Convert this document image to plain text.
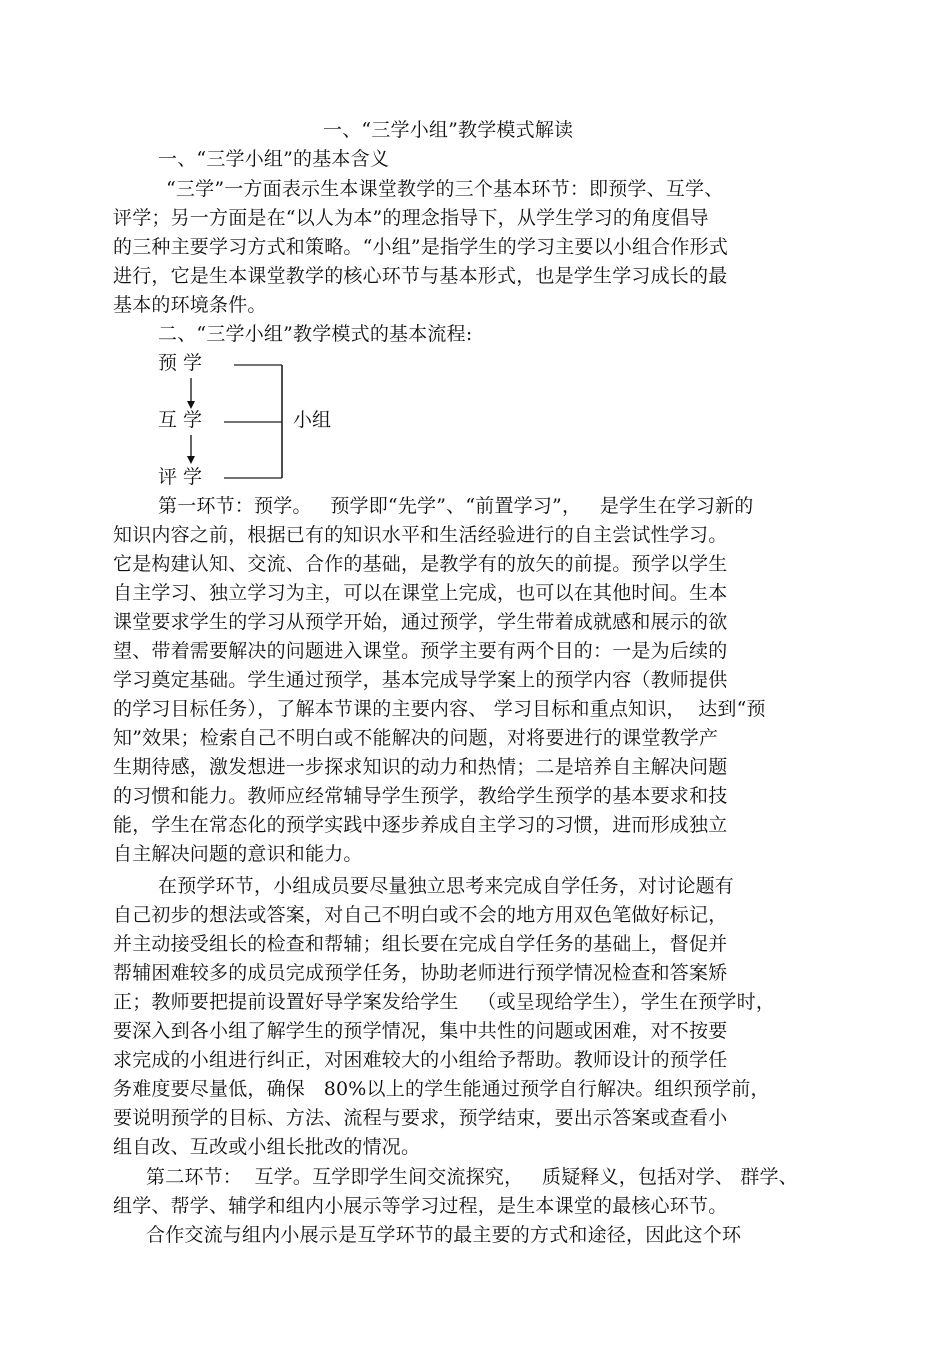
一、“三学小组”教学模式解读
一、“三学小组”的基本含义
“三学”一方面表示生本课堂教学的三个基本环节：即预学、互学、
评学；另一方面是在“以人为本”的理念指导下，从学生学习的角度倡导
的三种主要学习方式和策略。“小组”是指学生的学习主要以小组合作形式
进行，它是生本课堂教学的核心环节与基本形式，也是学生学习成长的最
基本的环境条件。
二、“三学小组”教学模式的基本流程:
预 学
互 学
评 学
小组
第一环节：预学。   预学即“先学”、“前置学习”，   是学生在学习新的
知识内容之前，根据已有的知识水平和生活经验进行的自主尝试性学习。
它是构建认知、交流、合作的基础，是教学有的放矢的前提。预学以学生
自主学习、独立学习为主，可以在课堂上完成，也可以在其他时间。生本
课堂要求学生的学习从预学开始，通过预学，学生带着成就感和展示的欲
望、带着需要解决的问题进入课堂。预学主要有两个目的：一是为后续的
学习奠定基础。学生通过预学，基本完成导学案上的预学内容（教师提供
的学习目标任务），了解本节课的主要内容、 学习目标和重点知识，  达到“预
知”效果；检索自己不明白或不能解决的问题，对将要进行的课堂教学产
生期待感，激发想进一步探求知识的动力和热情；二是培养自主解决问题
的习惯和能力。教师应经常辅导学生预学，教给学生预学的基本要求和技
能，学生在常态化的预学实践中逐步养成自主学习的习惯，进而形成独立
自主解决问题的意识和能力。
在预学环节，小组成员要尽量独立思考来完成自学任务，对讨论题有
自己初步的想法或答案，对自己不明白或不会的地方用双色笔做好标记，
并主动接受组长的检查和帮辅；组长要在完成自学任务的基础上，督促并
帮辅困难较多的成员完成预学任务，协助老师进行预学情况检查和答案矫
正；教师要把提前设置好导学案发给学生   （或呈现给学生），学生在预学时，
要深入到各小组了解学生的预学情况，集中共性的问题或困难，对不按要
求完成的小组进行纠正，对困难较大的小组给予帮助。教师设计的预学任
务难度要尽量低，确保   80%以上的学生能通过预学自行解决。组织预学前，
要说明预学的目标、方法、流程与要求，预学结束，要出示答案或查看小
组自改、互改或小组长批改的情况。
第二环节：  互学。互学即学生间交流探究，   质疑释义，包括对学、 群学、
组学、帮学、辅学和组内小展示等学习过程，是生本课堂的最核心环节。
合作交流与组内小展示是互学环节的最主要的方式和途径，因此这个环
